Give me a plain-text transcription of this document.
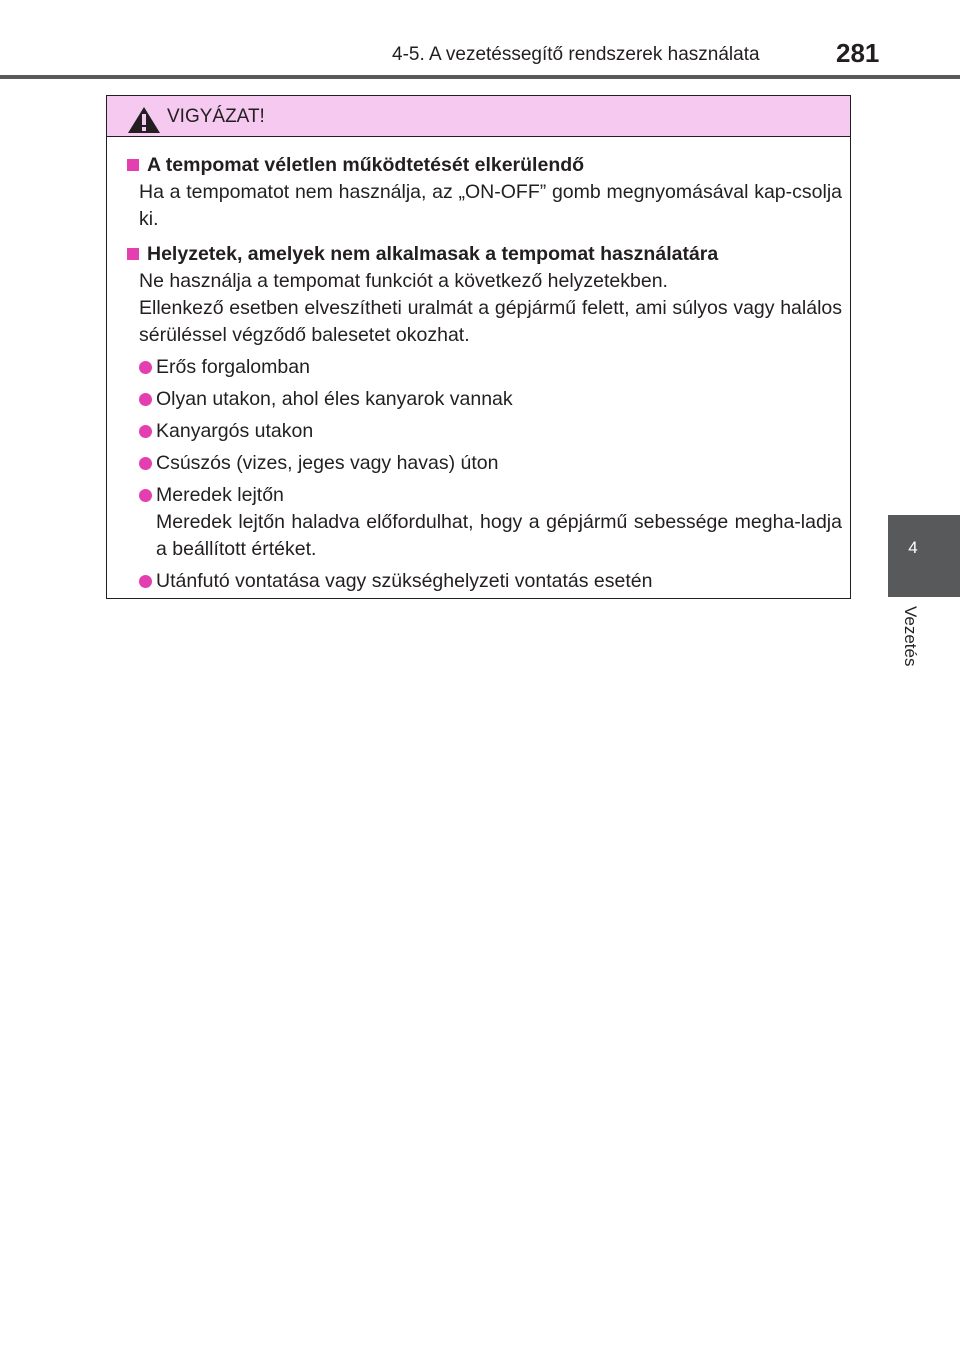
4-5. A vezetéssegítő rendszerek használata	281
4
Vezetés
VIGYÁZAT!
A tempomat véletlen működtetését elkerülendő
Ha a tempomatot nem használja, az „ON-OFF” gomb megnyomásával kap-csolja ki.
Helyzetek, amelyek nem alkalmasak a tempomat használatára
Ne használja a tempomat funkciót a következő helyzetekben.
Ellenkező esetben elveszítheti uralmát a gépjármű felett, ami súlyos vagy halálos sérüléssel végződő balesetet okozhat.
Erős forgalomban
Olyan utakon, ahol éles kanyarok vannak
Kanyargós utakon
Csúszós (vizes, jeges vagy havas) úton
Meredek lejtőn
Meredek lejtőn haladva előfordulhat, hogy a gépjármű sebessége megha-ladja a beállított értéket.
Utánfutó vontatása vagy szükséghelyzeti vontatás esetén
